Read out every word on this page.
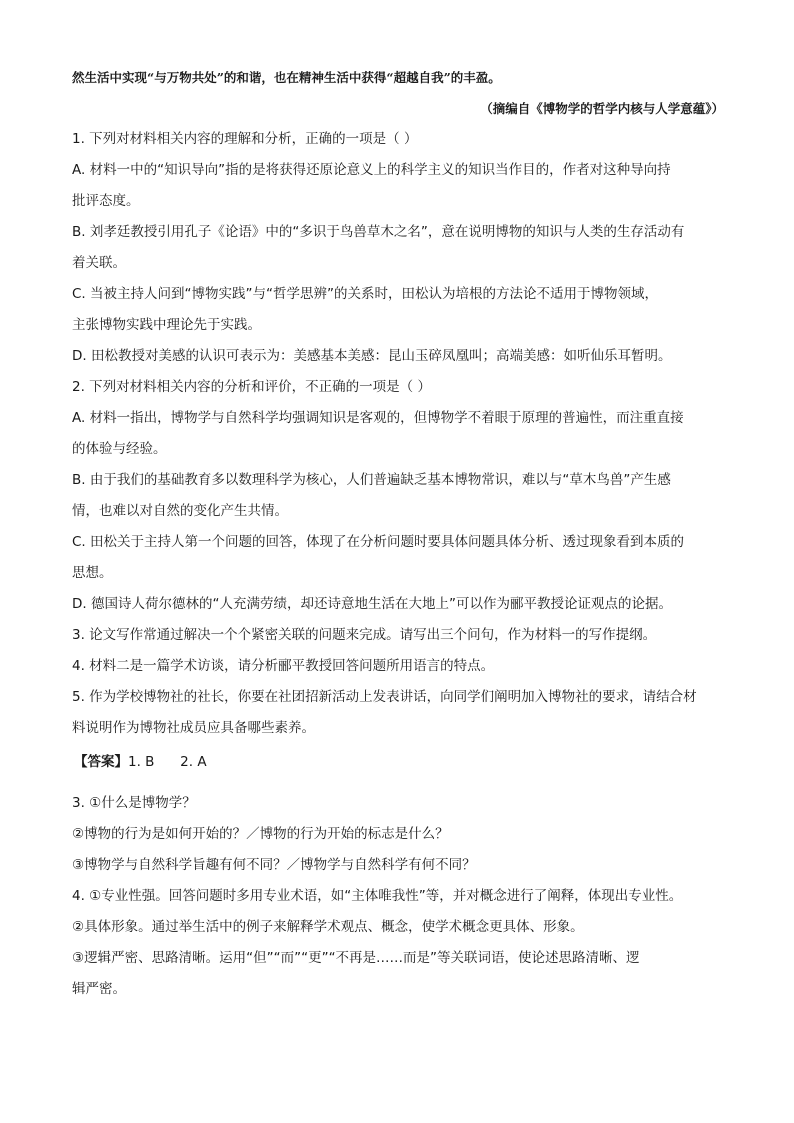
然生活中实现“与万物共处”的和谐，也在精神生活中获得“超越自我”的丰盈。

（摘编自《博物学的哲学内核与人学意蕴》）

1. 下列对材料相关内容的理解和分析，正确的一项是（ ）

A. 材料一中的“知识导向”指的是将获得还原论意义上的科学主义的知识当作目的，作者对这种导向持

批评态度。

B. 刘孝廷教授引用孔子《论语》中的“多识于鸟兽草木之名”，意在说明博物的知识与人类的生存活动有

着关联。

C. 当被主持人问到“博物实践”与“哲学思辨”的关系时，田松认为培根的方法论不适用于博物领域，

主张博物实践中理论先于实践。

D. 田松教授对美感的认识可表示为：美感基本美感：昆山玉碎凤凰叫；高端美感：如听仙乐耳暂明。

2. 下列对材料相关内容的分析和评价，不正确的一项是（ ）

A. 材料一指出，博物学与自然科学均强调知识是客观的，但博物学不着眼于原理的普遍性，而注重直接

的体验与经验。

B. 由于我们的基础教育多以数理科学为核心，人们普遍缺乏基本博物常识，难以与“草木鸟兽”产生感

情，也难以对自然的变化产生共情。

C. 田松关于主持人第一个问题的回答，体现了在分析问题时要具体问题具体分析、透过现象看到本质的

思想。

D. 德国诗人荷尔德林的“人充满劳绩，却还诗意地生活在大地上”可以作为郦平教授论证观点的论据。

3. 论文写作常通过解决一个个紧密关联的问题来完成。请写出三个问句，作为材料一的写作提纲。

4. 材料二是一篇学术访谈，请分析郦平教授回答问题所用语言的特点。

5. 作为学校博物社的社长，你要在社团招新活动上发表讲话，向同学们阐明加入博物社的要求，请结合材

料说明作为博物社成员应具备哪些素养。

【答案】1. B      2. A

3. ①什么是博物学？

②博物的行为是如何开始的？／博物的行为开始的标志是什么？

③博物学与自然科学旨趣有何不同？／博物学与自然科学有何不同？

4. ①专业性强。回答问题时多用专业术语，如“主体唯我性”等，并对概念进行了阐释，体现出专业性。

②具体形象。通过举生活中的例子来解释学术观点、概念，使学术概念更具体、形象。

③逻辑严密、思路清晰。运用“但”“而”“更”“不再是……而是”等关联词语，使论述思路清晰、逻

辑严密。
